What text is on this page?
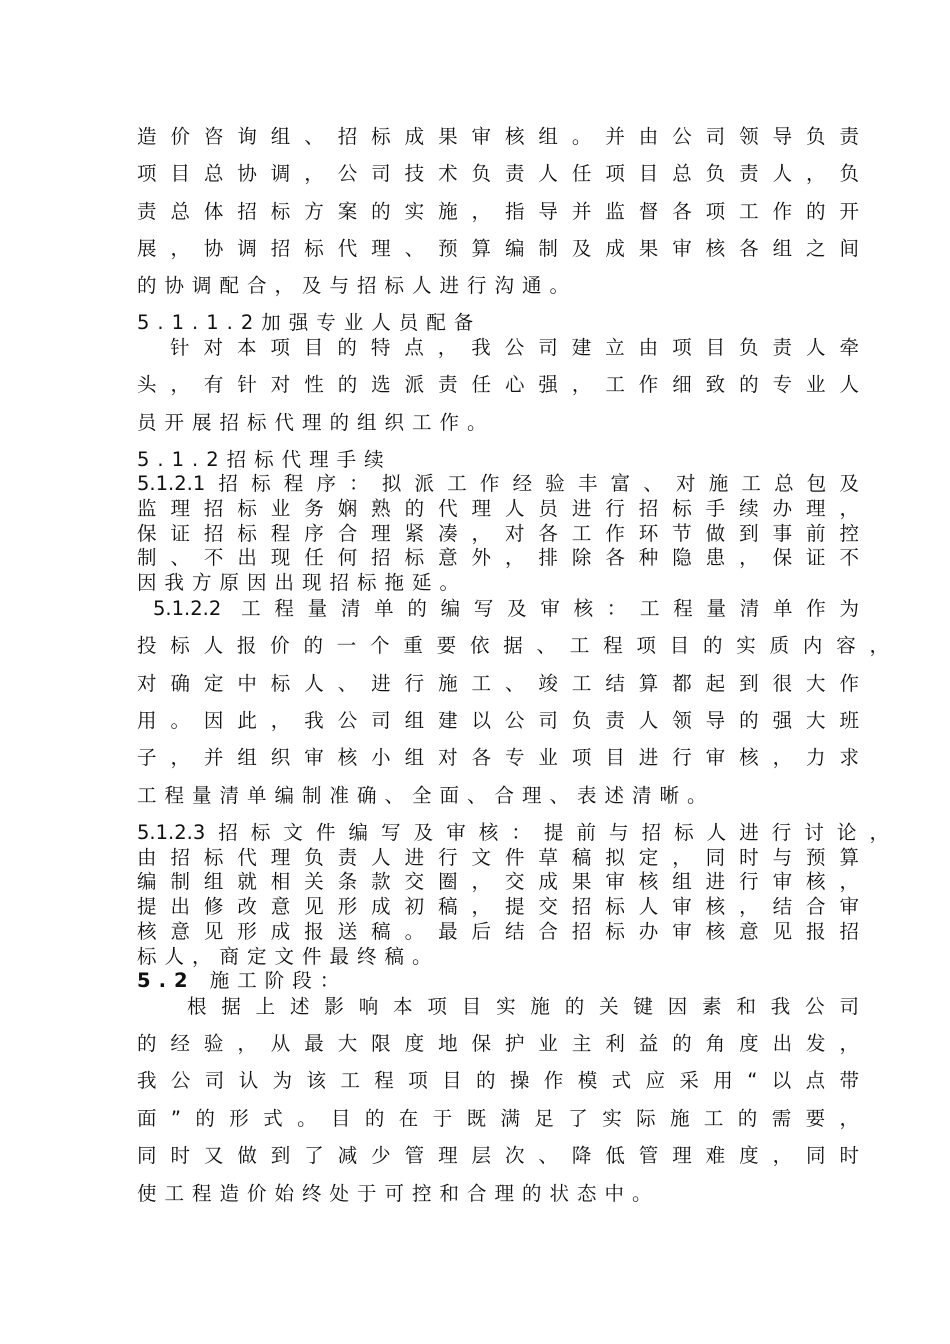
造价咨询组、招标成果审核组。并由公司领导负责

项目总协调，公司技术负责人任项目总负责人，负

责总体招标方案的实施，指导并监督各项工作的开

展，协调招标代理、预算编制及成果审核各组之间

的协调配合，及与招标人进行沟通。

5.1.1.2加强专业人员配备

针对本项目的特点，我公司建立由项目负责人牵

头，有针对性的选派责任心强，工作细致的专业人

员开展招标代理的组织工作。

5.1.2招标代理手续

5.1.2.1招标程序：拟派工作经验丰富、对施工总包及

监理招标业务娴熟的代理人员进行招标手续办理，

保证招标程序合理紧凑，对各工作环节做到事前控

制、不出现任何招标意外，排除各种隐患，保证不

因我方原因出现招标拖延。

5.1.2.2 工程量清单的编写及审核：工程量清单作为

投标人报价的一个重要依据、工程项目的实质内容，

对确定中标人、进行施工、竣工结算都起到很大作

用。因此，我公司组建以公司负责人领导的强大班

子，并组织审核小组对各专业项目进行审核，力求

工程量清单编制准确、全面、合理、表述清晰。

5.1.2.3招标文件编写及审核：提前与招标人进行讨论，

由招标代理负责人进行文件草稿拟定，同时与预算

编制组就相关条款交圈，交成果审核组进行审核，

提出修改意见形成初稿，提交招标人审核，结合审

核意见形成报送稿。最后结合招标办审核意见报招

标人，商定文件最终稿。

5.2 施工阶段：

根据上述影响本项目实施的关键因素和我公司

的经验，从最大限度地保护业主利益的角度出发，

我公司认为该工程项目的操作模式应采用“以点带

面”的形式。目的在于既满足了实际施工的需要，

同时又做到了减少管理层次、降低管理难度，同时

使工程造价始终处于可控和合理的状态中。
